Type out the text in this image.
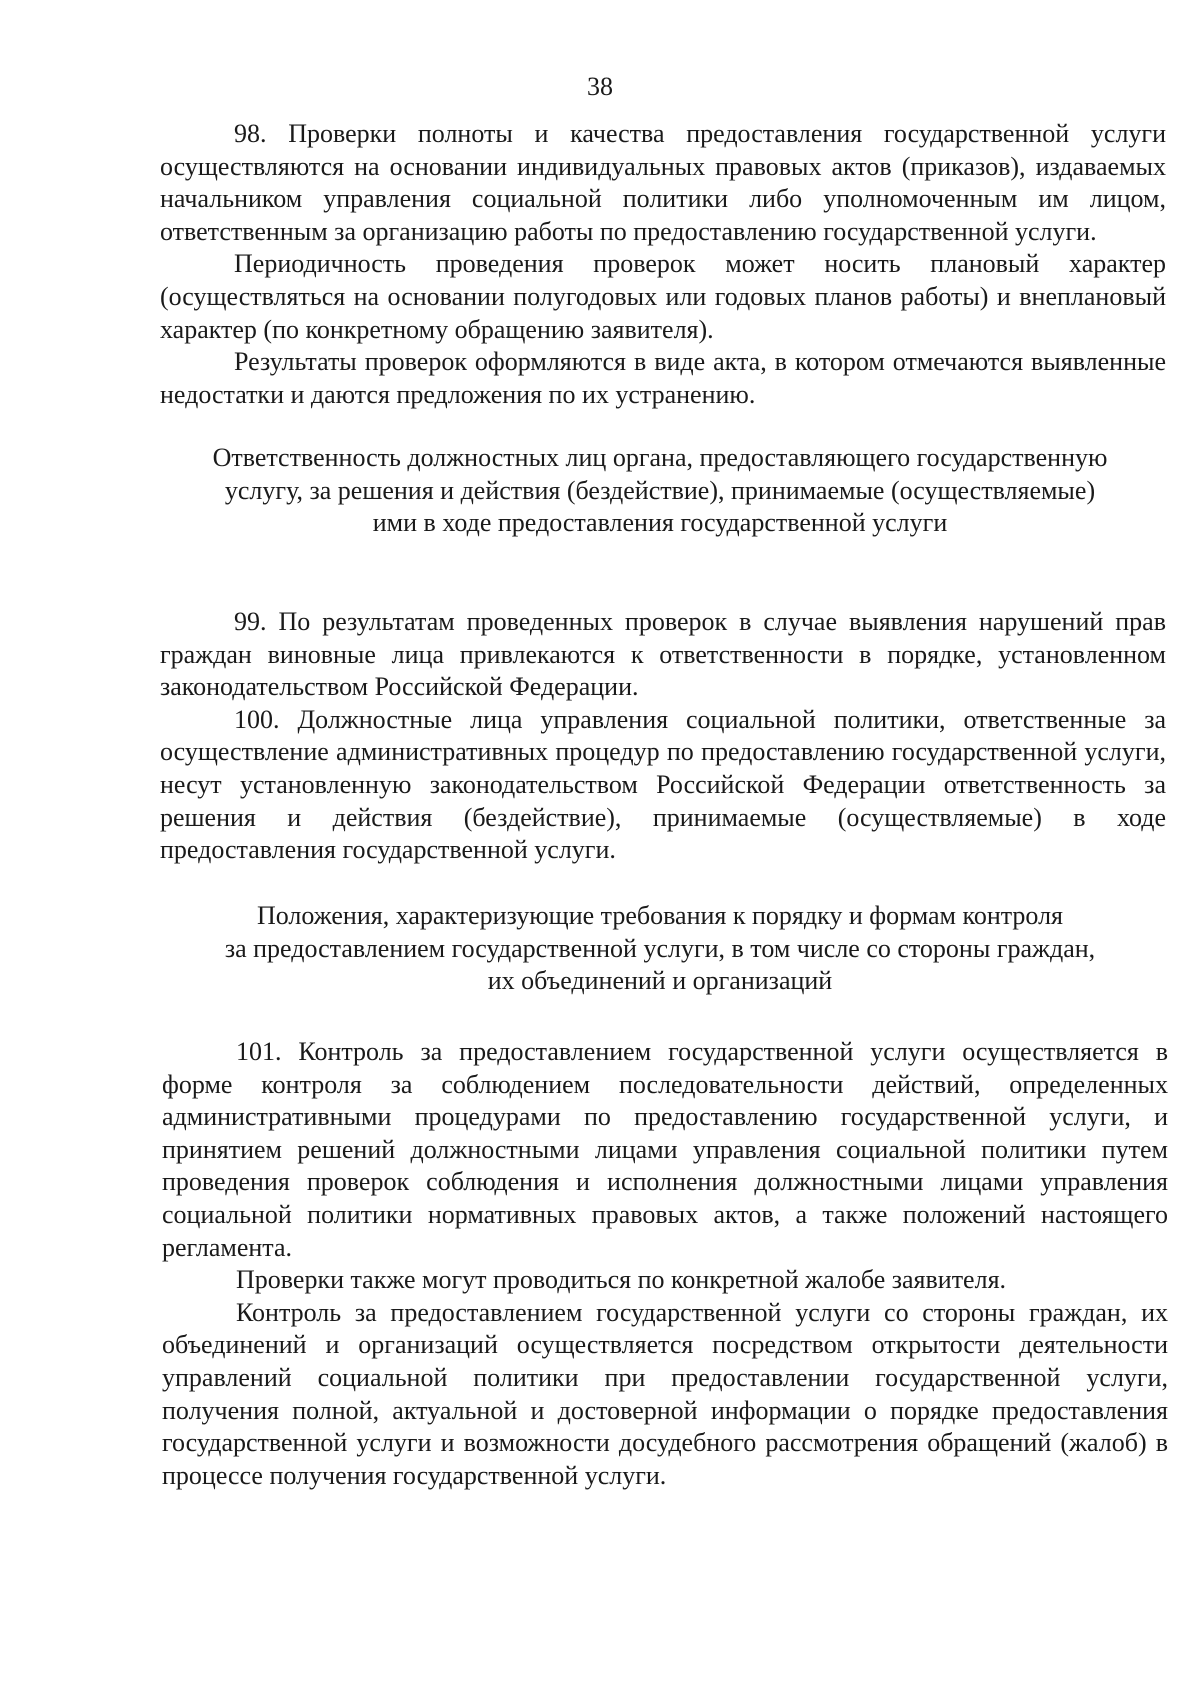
38

98. Проверки полноты и качества предоставления государственной услуги осуществляются на основании индивидуальных правовых актов (приказов), издаваемых начальником управления социальной политики либо уполномоченным им лицом, ответственным за организацию работы по предоставлению государственной услуги.

Периодичность проведения проверок может носить плановый характер (осуществляться на основании полугодовых или годовых планов работы) и внеплановый характер (по конкретному обращению заявителя).

Результаты проверок оформляются в виде акта, в котором отмечаются выявленные недостатки и даются предложения по их устранению.

Ответственность должностных лиц органа, предоставляющего государственную
услугу, за решения и действия (бездействие), принимаемые (осуществляемые)
ими в ходе предоставления государственной услуги

99. По результатам проведенных проверок в случае выявления нарушений прав граждан виновные лица привлекаются к ответственности в порядке, установленном законодательством Российской Федерации.

100. Должностные лица управления социальной политики, ответственные за осуществление административных процедур по предоставлению государственной услуги, несут установленную законодательством Российской Федерации ответственность за решения и действия (бездействие), принимаемые (осуществляемые) в ходе предоставления государственной услуги.

Положения, характеризующие требования к порядку и формам контроля
за предоставлением государственной услуги, в том числе со стороны граждан,
их объединений и организаций

101. Контроль за предоставлением государственной услуги осуществляется в форме контроля за соблюдением последовательности действий, определенных административными процедурами по предоставлению государственной услуги, и принятием решений должностными лицами управления социальной политики путем проведения проверок соблюдения и исполнения должностными лицами управления социальной политики нормативных правовых актов, а также положений настоящего регламента.

Проверки также могут проводиться по конкретной жалобе заявителя.

Контроль за предоставлением государственной услуги со стороны граждан, их объединений и организаций осуществляется посредством открытости деятельности управлений социальной политики при предоставлении государственной услуги, получения полной, актуальной и достоверной информации о порядке предоставления государственной услуги и возможности досудебного рассмотрения обращений (жалоб) в процессе получения государственной услуги.
